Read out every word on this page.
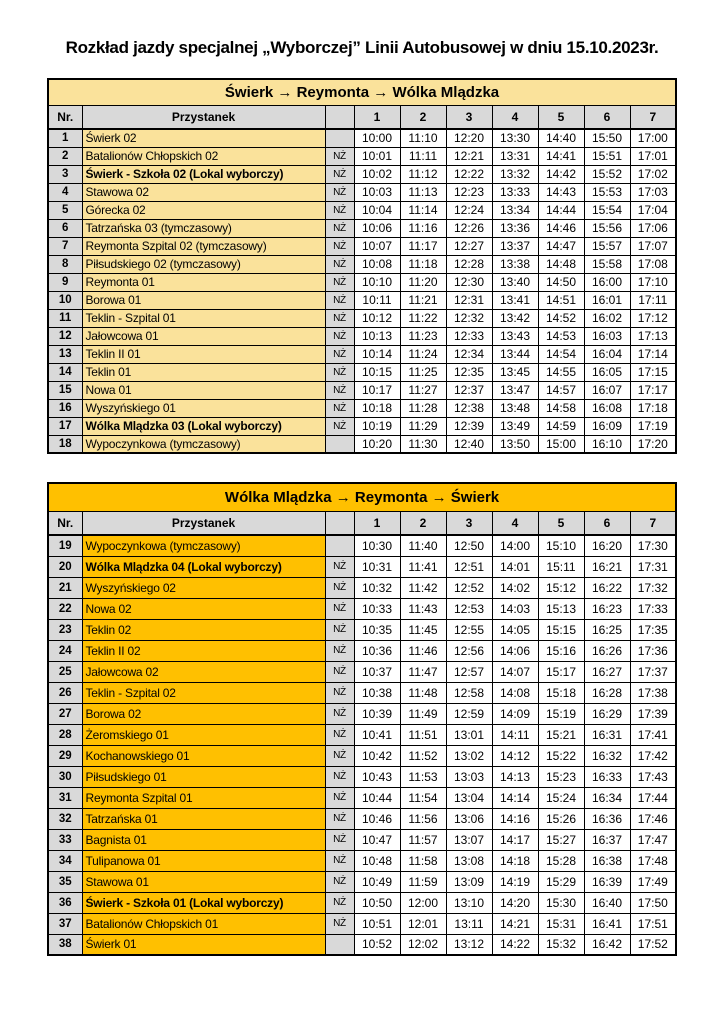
Rozkład jazdy specjalnej „Wyborczej” Linii Autobusowej w dniu 15.10.2023r.
Świerk → Reymonta → Wólka Mlądzka									
Nr.	Przystanek		1	2	3	4	5	6	7
1	Świerk 02		10:00	11:10	12:20	13:30	14:40	15:50	17:00
2	Batalionów Chłopskich 02	NŻ	10:01	11:11	12:21	13:31	14:41	15:51	17:01
3	Świerk - Szkoła 02 (Lokal wyborczy)	NŻ	10:02	11:12	12:22	13:32	14:42	15:52	17:02
4	Stawowa 02	NŻ	10:03	11:13	12:23	13:33	14:43	15:53	17:03
5	Górecka 02	NŻ	10:04	11:14	12:24	13:34	14:44	15:54	17:04
6	Tatrzańska 03 (tymczasowy)	NŻ	10:06	11:16	12:26	13:36	14:46	15:56	17:06
7	Reymonta Szpital 02 (tymczasowy)	NŻ	10:07	11:17	12:27	13:37	14:47	15:57	17:07
8	Piłsudskiego 02 (tymczasowy)	NŻ	10:08	11:18	12:28	13:38	14:48	15:58	17:08
9	Reymonta 01	NŻ	10:10	11:20	12:30	13:40	14:50	16:00	17:10
10	Borowa 01	NŻ	10:11	11:21	12:31	13:41	14:51	16:01	17:11
11	Teklin - Szpital 01	NŻ	10:12	11:22	12:32	13:42	14:52	16:02	17:12
12	Jałowcowa 01	NŻ	10:13	11:23	12:33	13:43	14:53	16:03	17:13
13	Teklin II 01	NŻ	10:14	11:24	12:34	13:44	14:54	16:04	17:14
14	Teklin 01	NŻ	10:15	11:25	12:35	13:45	14:55	16:05	17:15
15	Nowa 01	NŻ	10:17	11:27	12:37	13:47	14:57	16:07	17:17
16	Wyszyńskiego 01	NŻ	10:18	11:28	12:38	13:48	14:58	16:08	17:18
17	Wólka Mlądzka 03 (Lokal wyborczy)	NŻ	10:19	11:29	12:39	13:49	14:59	16:09	17:19
18	Wypoczynkowa (tymczasowy)		10:20	11:30	12:40	13:50	15:00	16:10	17:20
Wólka Mlądzka → Reymonta → Świerk									
Nr.	Przystanek		1	2	3	4	5	6	7
19	Wypoczynkowa (tymczasowy)		10:30	11:40	12:50	14:00	15:10	16:20	17:30
20	Wólka Mlądzka 04 (Lokal wyborczy)	NŻ	10:31	11:41	12:51	14:01	15:11	16:21	17:31
21	Wyszyńskiego 02	NŻ	10:32	11:42	12:52	14:02	15:12	16:22	17:32
22	Nowa 02	NŻ	10:33	11:43	12:53	14:03	15:13	16:23	17:33
23	Teklin 02	NŻ	10:35	11:45	12:55	14:05	15:15	16:25	17:35
24	Teklin II 02	NŻ	10:36	11:46	12:56	14:06	15:16	16:26	17:36
25	Jałowcowa 02	NŻ	10:37	11:47	12:57	14:07	15:17	16:27	17:37
26	Teklin - Szpital 02	NŻ	10:38	11:48	12:58	14:08	15:18	16:28	17:38
27	Borowa 02	NŻ	10:39	11:49	12:59	14:09	15:19	16:29	17:39
28	Żeromskiego 01	NŻ	10:41	11:51	13:01	14:11	15:21	16:31	17:41
29	Kochanowskiego 01	NŻ	10:42	11:52	13:02	14:12	15:22	16:32	17:42
30	Piłsudskiego 01	NŻ	10:43	11:53	13:03	14:13	15:23	16:33	17:43
31	Reymonta Szpital 01	NŻ	10:44	11:54	13:04	14:14	15:24	16:34	17:44
32	Tatrzańska 01	NŻ	10:46	11:56	13:06	14:16	15:26	16:36	17:46
33	Bagnista 01	NŻ	10:47	11:57	13:07	14:17	15:27	16:37	17:47
34	Tulipanowa 01	NŻ	10:48	11:58	13:08	14:18	15:28	16:38	17:48
35	Stawowa 01	NŻ	10:49	11:59	13:09	14:19	15:29	16:39	17:49
36	Świerk - Szkoła 01 (Lokal wyborczy)	NŻ	10:50	12:00	13:10	14:20	15:30	16:40	17:50
37	Batalionów Chłopskich 01	NŻ	10:51	12:01	13:11	14:21	15:31	16:41	17:51
38	Świerk 01		10:52	12:02	13:12	14:22	15:32	16:42	17:52
